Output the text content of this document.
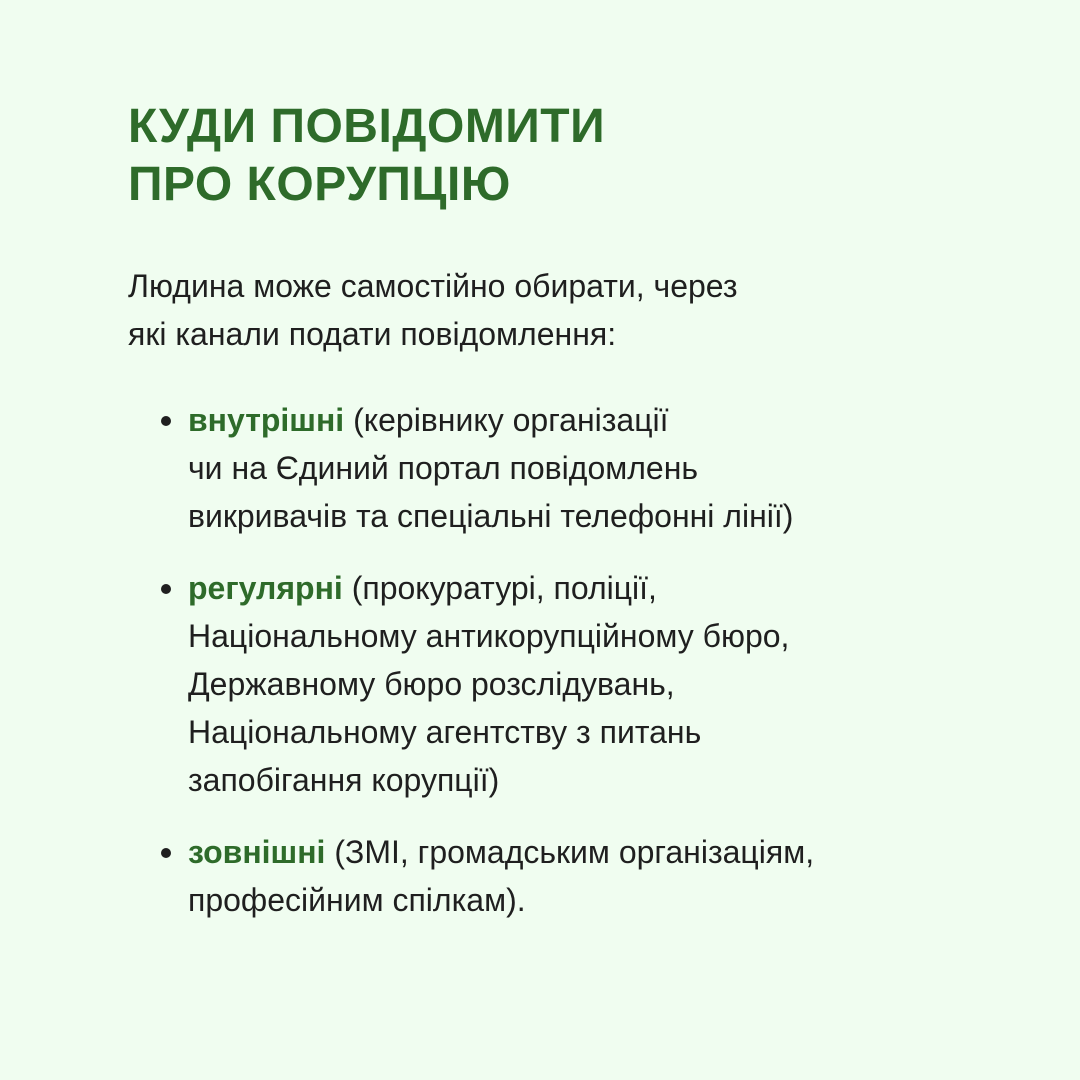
КУДИ ПОВІДОМИТИ
ПРО КОРУПЦІЮ

Людина може самостійно обирати, через
які канали подати повідомлення:

внутрішні (керівнику організації
чи на Єдиний портал повідомлень
викривачів та спеціальні телефонні лінії)
регулярні (прокуратурі, поліції,
Національному антикорупційному бюро,
Державному бюро розслідувань,
Національному агентству з питань
запобігання корупції)
зовнішні (ЗМІ, громадським організаціям,
професійним спілкам).
